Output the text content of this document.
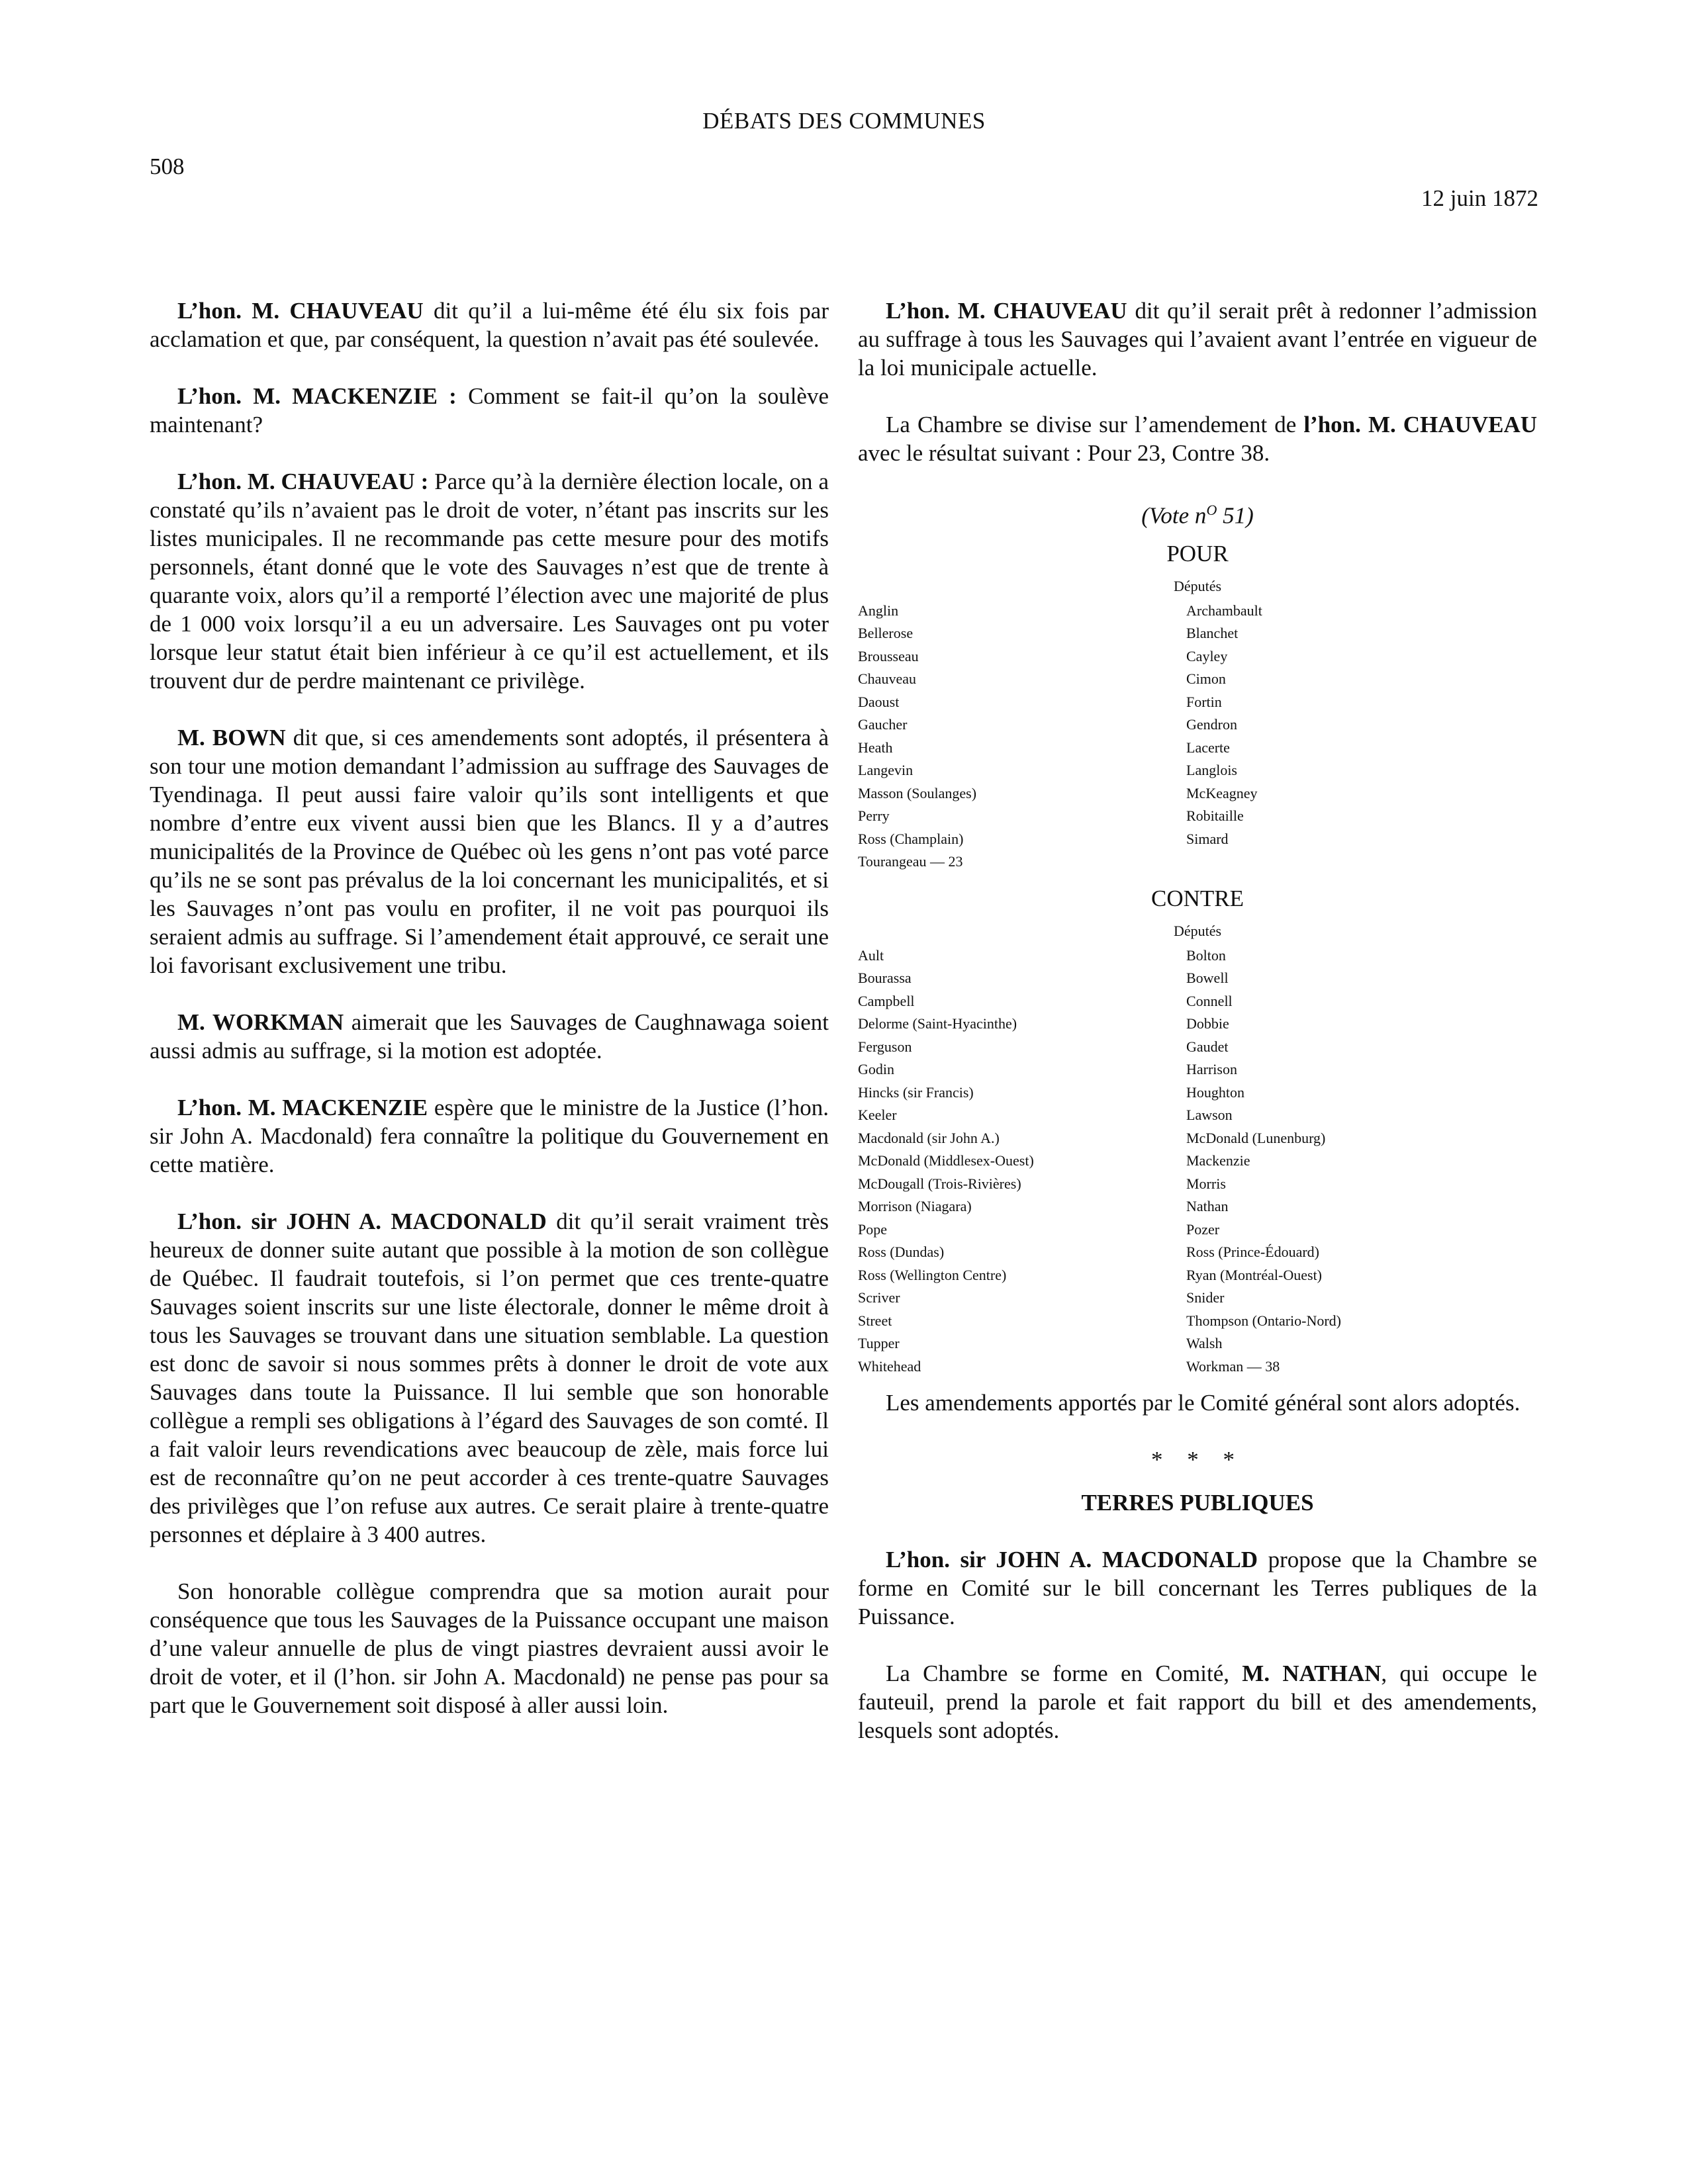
DÉBATS DES COMMUNES
508
12 juin 1872

L’hon. M. CHAUVEAU dit qu’il a lui-même été élu six fois par acclamation et que, par conséquent, la question n’avait pas été soulevée.

L’hon. M. MACKENZIE : Comment se fait-il qu’on la soulève maintenant?

L’hon. M. CHAUVEAU : Parce qu’à la dernière élection locale, on a constaté qu’ils n’avaient pas le droit de voter, n’étant pas inscrits sur les listes municipales. Il ne recommande pas cette mesure pour des motifs personnels, étant donné que le vote des Sauvages n’est que de trente à quarante voix, alors qu’il a remporté l’élection avec une majorité de plus de 1 000 voix lorsqu’il a eu un adversaire. Les Sauvages ont pu voter lorsque leur statut était bien inférieur à ce qu’il est actuellement, et ils trouvent dur de perdre maintenant ce privilège.

M. BOWN dit que, si ces amendements sont adoptés, il présentera à son tour une motion demandant l’admission au suffrage des Sauvages de Tyendinaga. Il peut aussi faire valoir qu’ils sont intelligents et que nombre d’entre eux vivent aussi bien que les Blancs. Il y a d’autres municipalités de la Province de Québec où les gens n’ont pas voté parce qu’ils ne se sont pas prévalus de la loi concernant les municipalités, et si les Sauvages n’ont pas voulu en profiter, il ne voit pas pourquoi ils seraient admis au suffrage. Si l’amendement était approuvé, ce serait une loi favorisant exclusivement une tribu.

M. WORKMAN aimerait que les Sauvages de Caughnawaga soient aussi admis au suffrage, si la motion est adoptée.

L’hon. M. MACKENZIE espère que le ministre de la Justice (l’hon. sir John A. Macdonald) fera connaître la politique du Gouvernement en cette matière.

L’hon. sir JOHN A. MACDONALD dit qu’il serait vraiment très heureux de donner suite autant que possible à la motion de son collègue de Québec. Il faudrait toutefois, si l’on permet que ces trente-quatre Sauvages soient inscrits sur une liste électorale, donner le même droit à tous les Sauvages se trouvant dans une situation semblable. La question est donc de savoir si nous sommes prêts à donner le droit de vote aux Sauvages dans toute la Puissance. Il lui semble que son honorable collègue a rempli ses obligations à l’égard des Sauvages de son comté. Il a fait valoir leurs revendications avec beaucoup de zèle, mais force lui est de reconnaître qu’on ne peut accorder à ces trente-quatre Sauvages des privilèges que l’on refuse aux autres. Ce serait plaire à trente-quatre personnes et déplaire à 3 400 autres.

Son honorable collègue comprendra que sa motion aurait pour conséquence que tous les Sauvages de la Puissance occupant une maison d’une valeur annuelle de plus de vingt piastres devraient aussi avoir le droit de voter, et il (l’hon. sir John A. Macdonald) ne pense pas pour sa part que le Gouvernement soit disposé à aller aussi loin.

L’hon. M. CHAUVEAU dit qu’il serait prêt à redonner l’admission au suffrage à tous les Sauvages qui l’avaient avant l’entrée en vigueur de la loi municipale actuelle.

La Chambre se divise sur l’amendement de l’hon. M. CHAUVEAU avec le résultat suivant : Pour 23, Contre 38.

(Vote $n^O$ 51)
POUR
Députés
Anglin	Archambault
Bellerose	Blanchet
Brousseau	Cayley
Chauveau	Cimon
Daoust	Fortin
Gaucher	Gendron
Heath	Lacerte
Langevin	Langlois
Masson (Soulanges)	McKeagney
Perry	Robitaille
Ross (Champlain)	Simard
Tourangeau — 23
CONTRE
Députés
Ault	Bolton
Bourassa	Bowell
Campbell	Connell
Delorme (Saint-Hyacinthe)	Dobbie
Ferguson	Gaudet
Godin	Harrison
Hincks (sir Francis)	Houghton
Keeler	Lawson
Macdonald (sir John A.)	McDonald (Lunenburg)
McDonald (Middlesex-Ouest)	Mackenzie
McDougall (Trois-Rivières)	Morris
Morrison (Niagara)	Nathan
Pope	Pozer
Ross (Dundas)	Ross (Prince-Édouard)
Ross (Wellington Centre)	Ryan (Montréal-Ouest)
Scriver	Snider
Street	Thompson (Ontario-Nord)
Tupper	Walsh
Whitehead	Workman — 38

Les amendements apportés par le Comité général sont alors adoptés.

* * *
TERRES PUBLIQUES

L’hon. sir JOHN A. MACDONALD propose que la Chambre se forme en Comité sur le bill concernant les Terres publiques de la Puissance.

La Chambre se forme en Comité, M. NATHAN, qui occupe le fauteuil, prend la parole et fait rapport du bill et des amendements, lesquels sont adoptés.
